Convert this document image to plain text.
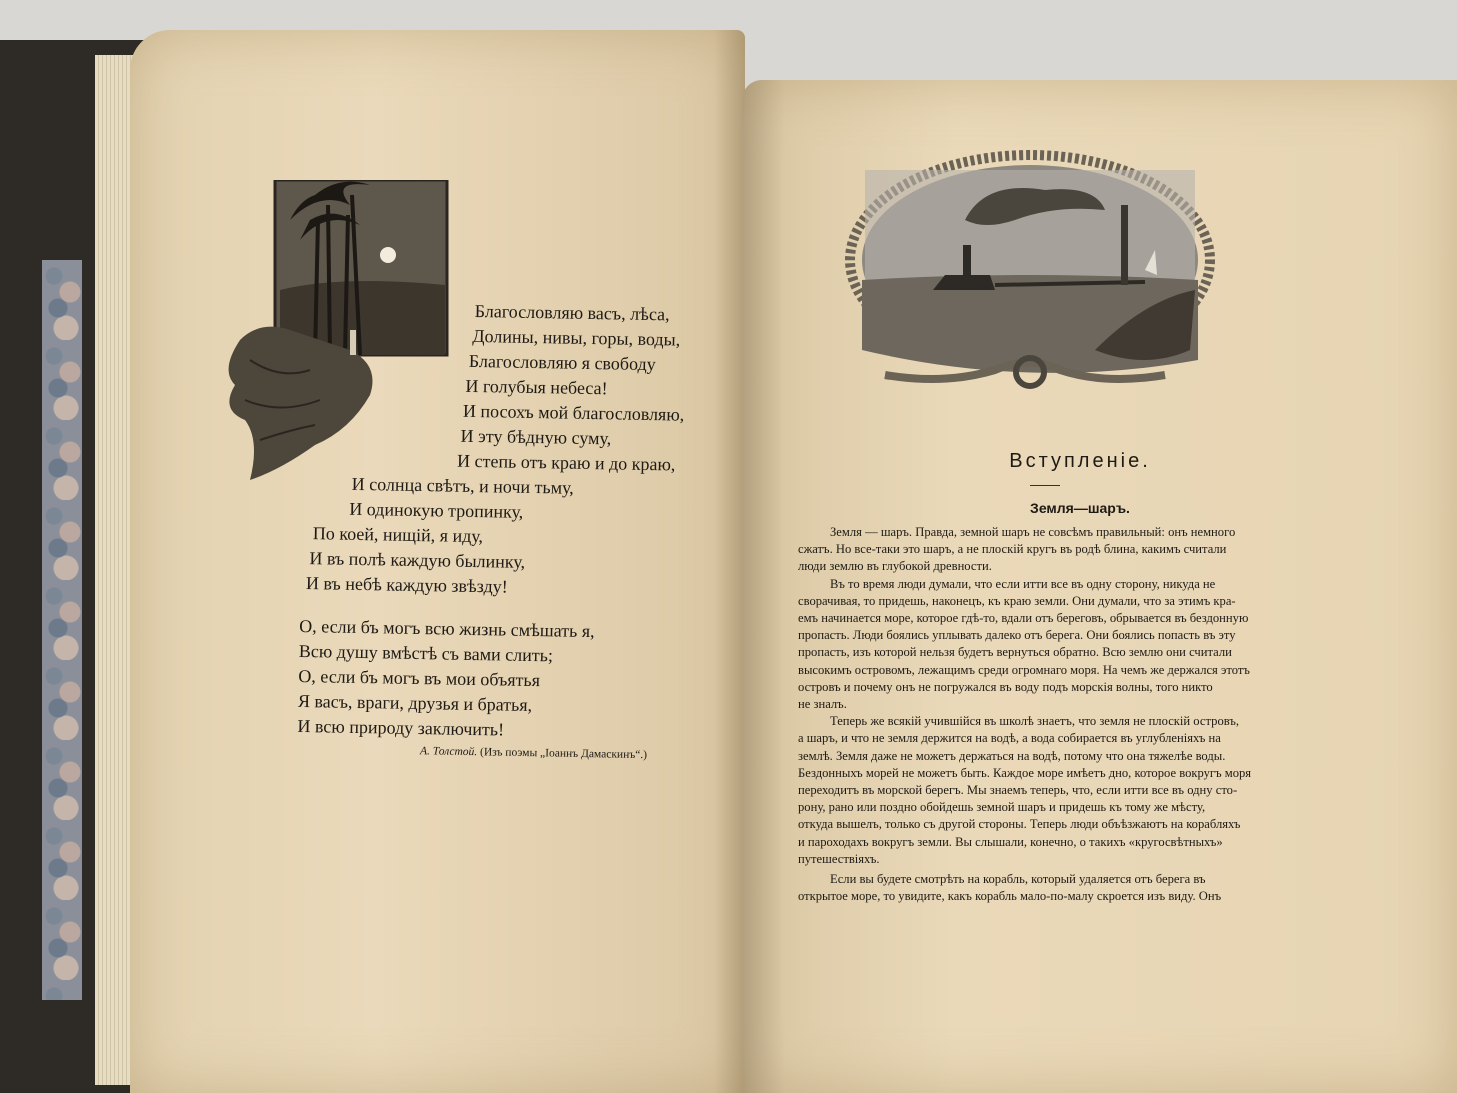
Благословляю васъ, лѣса,
Долины, нивы, горы, воды,
Благословляю я свободу
И голубыя небеса!
И посохъ мой благословляю,
И эту бѣдную суму,
И степь отъ краю и до краю,
И солнца свѣтъ, и ночи тьму,
И одинокую тропинку,
По коей, нищій, я иду,
И въ полѣ каждую былинку,
И въ небѣ каждую звѣзду!
О, если бъ могъ всю жизнь смѣшать я,
Всю душу вмѣстѣ съ вами слить;
О, если бъ могъ въ мои объятья
Я васъ, враги, друзья и братья,
И всю природу заключить!
А. Толстой. (Изъ поэмы „Іоаннъ Дамаскинъ“.)
Вступленіе.
Земля—шаръ.
Земля — шаръ. Правда, земной шаръ не совсѣмъ правильный: онъ немного
сжатъ. Но все-таки это шаръ, а не плоскій кругъ въ родѣ блина, какимъ считали
люди землю въ глубокой древности.
Въ то время люди думали, что если итти все въ одну сторону, никуда не
сворачивая, то придешь, наконецъ, къ краю земли. Они думали, что за этимъ кра-
емъ начинается море, которое гдѣ-то, вдали отъ береговъ, обрывается въ бездонную
пропасть. Люди боялись уплывать далеко отъ берега. Они боялись попасть въ эту
пропасть, изъ которой нельзя будетъ вернуться обратно. Всю землю они считали
высокимъ островомъ, лежащимъ среди огромнаго моря. На чемъ же держался этотъ
островъ и почему онъ не погружался въ воду подъ морскія волны, того никто
не зналъ.
Теперь же всякій учившійся въ школѣ знаетъ, что земля не плоскій островъ,
а шаръ, и что не земля держится на водѣ, а вода собирается въ углубленіяхъ на
землѣ. Земля даже не можетъ держаться на водѣ, потому что она тяжелѣе воды.
Бездонныхъ морей не можетъ быть. Каждое море имѣетъ дно, которое вокругъ моря
переходитъ въ морской берегъ. Мы знаемъ теперь, что, если итти все въ одну сто-
рону, рано или поздно обойдешь земной шаръ и придешь къ тому же мѣсту,
откуда вышелъ, только съ другой стороны. Теперь люди объѣзжаютъ на корабляхъ
и пароходахъ вокругъ земли. Вы слышали, конечно, о такихъ «кругосвѣтныхъ»
путешествіяхъ.
Если вы будете смотрѣть на корабль, который удаляется отъ берега въ
открытое море, то увидите, какъ корабль мало-по-малу скроется изъ виду. Онъ
